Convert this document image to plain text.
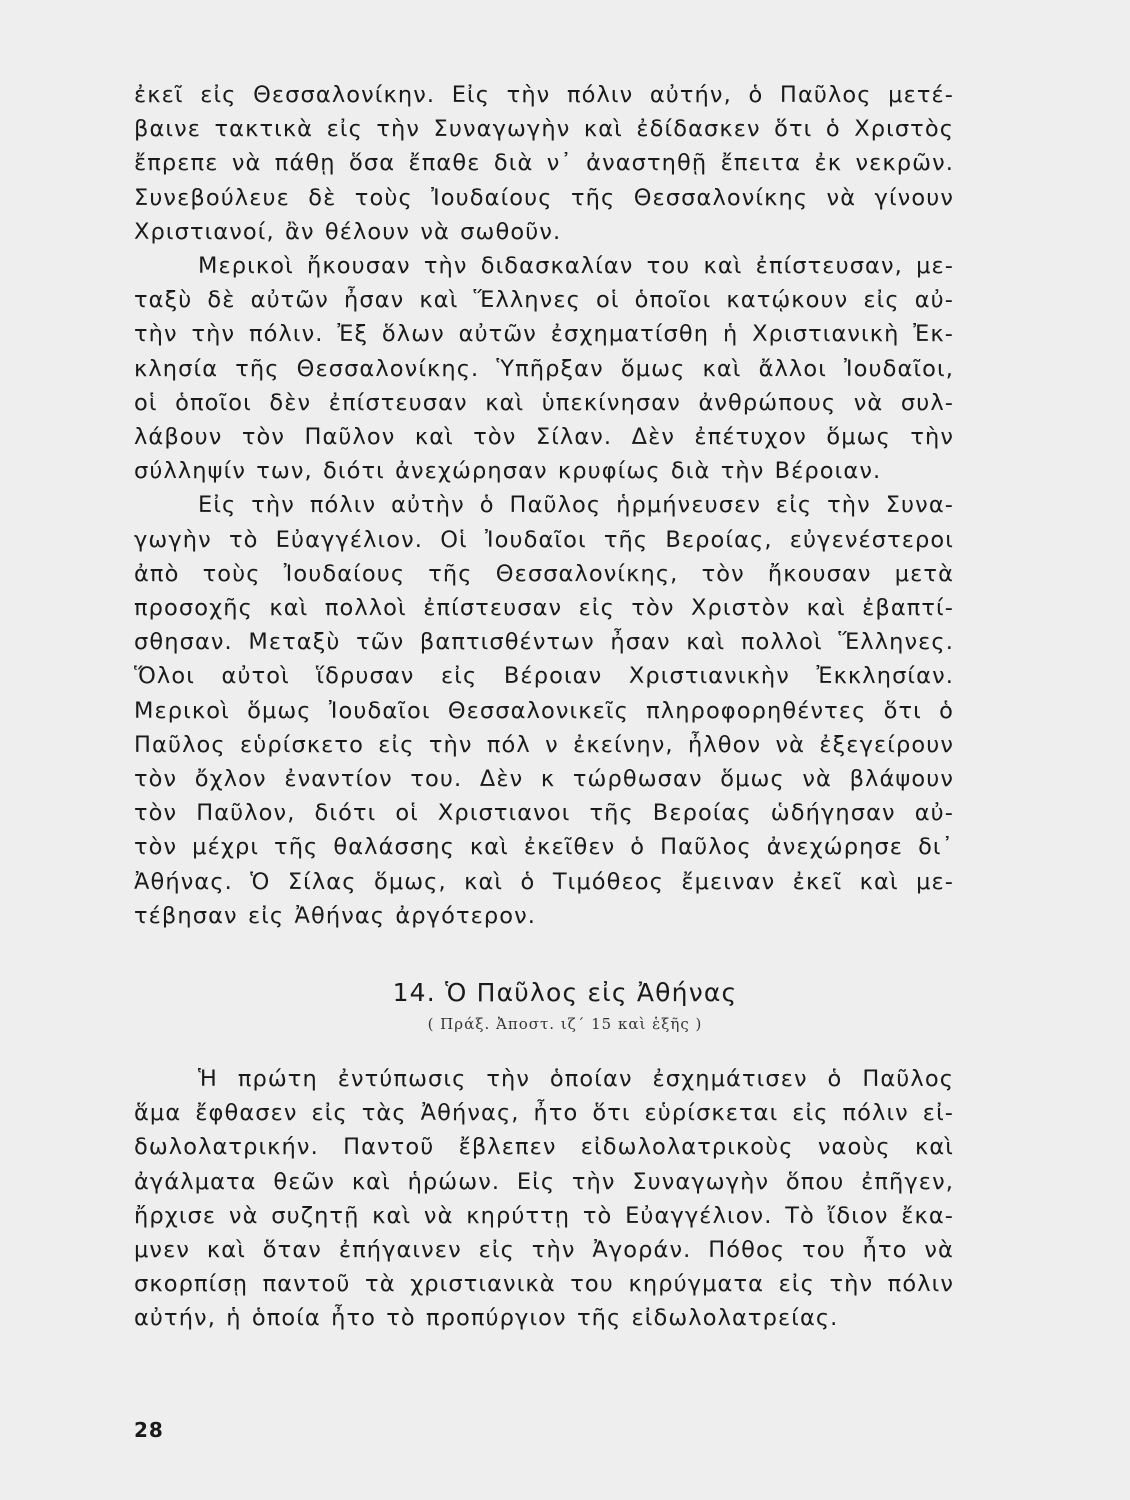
ἐκεῖ εἰς Θεσσαλονίκην. Εἰς τὴν πόλιν αὐτήν, ὁ Παῦλος μετέ-
βαινε τακτικὰ εἰς τὴν Συναγωγὴν καὶ ἐδίδασκεν ὅτι ὁ Χριστὸς
ἔπρεπε νὰ πάθῃ ὅσα ἔπαθε διὰ ν᾽ ἀναστηθῇ ἔπειτα ἐκ νεκρῶν.
Συνεβούλευε δὲ τοὺς Ἰουδαίους τῆς Θεσσαλονίκης νὰ γίνουν
Χριστιανοί, ἂν θέλουν νὰ σωθοῦν.
Μερικοὶ ἤκουσαν τὴν διδασκαλίαν του καὶ ἐπίστευσαν, με-
ταξὺ δὲ αὐτῶν ἦσαν καὶ Ἕλληνες οἱ ὁποῖοι κατῴκουν εἰς αὐ-
τὴν τὴν πόλιν. Ἐξ ὅλων αὐτῶν ἐσχηματίσθη ἡ Χριστιανικὴ Ἐκ-
κλησία τῆς Θεσσαλονίκης. Ὑπῆρξαν ὅμως καὶ ἄλλοι Ἰουδαῖοι,
οἱ ὁποῖοι δὲν ἐπίστευσαν καὶ ὑπεκίνησαν ἀνθρώπους νὰ συλ-
λάβουν τὸν Παῦλον καὶ τὸν Σίλαν. Δὲν ἐπέτυχον ὅμως τὴν
σύλληψίν των, διότι ἀνεχώρησαν κρυφίως διὰ τὴν Βέροιαν.
Εἰς τὴν πόλιν αὐτὴν ὁ Παῦλος ἡρμήνευσεν εἰς τὴν Συνα-
γωγὴν τὸ Εὐαγγέλιον. Οἱ Ἰουδαῖοι τῆς Βεροίας, εὐγενέστεροι
ἀπὸ τοὺς Ἰουδαίους τῆς Θεσσαλονίκης, τὸν ἤκουσαν μετὰ
προσοχῆς καὶ πολλοὶ ἐπίστευσαν εἰς τὸν Χριστὸν καὶ ἐβαπτί-
σθησαν. Μεταξὺ τῶν βαπτισθέντων ἦσαν καὶ πολλοὶ Ἕλληνες.
Ὅλοι αὐτοὶ ἵδρυσαν εἰς Βέροιαν Χριστιανικὴν Ἐκκλησίαν.
Μερικοὶ ὅμως Ἰουδαῖοι Θεσσαλονικεῖς πληροφορηθέντες ὅτι ὁ
Παῦλος εὑρίσκετο εἰς τὴν πόλ ν ἐκείνην, ἦλθον νὰ ἐξεγείρουν
τὸν ὄχλον ἐναντίον του. Δὲν κ τώρθωσαν ὅμως νὰ βλάψουν
τὸν Παῦλον, διότι οἱ Χριστιανοι τῆς Βεροίας ὡδήγησαν αὐ-
τὸν μέχρι τῆς θαλάσσης καὶ ἐκεῖθεν ὁ Παῦλος ἀνεχώρησε δι᾽
Ἀθήνας. Ὁ Σίλας ὅμως, καὶ ὁ Τιμόθεος ἔμειναν ἐκεῖ καὶ με-
τέβησαν εἰς Ἀθήνας ἀργότερον.
14. Ὁ Παῦλος εἰς Ἀθήνας
( Πράξ. Ἀποστ. ιζ΄ 15 καὶ ἑξῆς )
Ἡ πρώτη ἐντύπωσις τὴν ὁποίαν ἐσχημάτισεν ὁ Παῦλος
ἅμα ἔφθασεν εἰς τὰς Ἀθήνας, ἦτο ὅτι εὑρίσκεται εἰς πόλιν εἰ-
δωλολατρικήν. Παντοῦ ἔβλεπεν εἰδωλολατρικοὺς ναοὺς καὶ
ἀγάλματα θεῶν καὶ ἡρώων. Εἰς τὴν Συναγωγὴν ὅπου ἐπῆγεν,
ἤρχισε νὰ συζητῇ καὶ νὰ κηρύττῃ τὸ Εὐαγγέλιον. Τὸ ἴδιον ἔκα-
μνεν καὶ ὅταν ἐπήγαινεν εἰς τὴν Ἀγοράν. Πόθος του ἦτο νὰ
σκορπίσῃ παντοῦ τὰ χριστιανικὰ του κηρύγματα εἰς τὴν πόλιν
αὐτήν, ἡ ὁποία ἦτο τὸ προπύργιον τῆς εἰδωλολατρείας.
28
